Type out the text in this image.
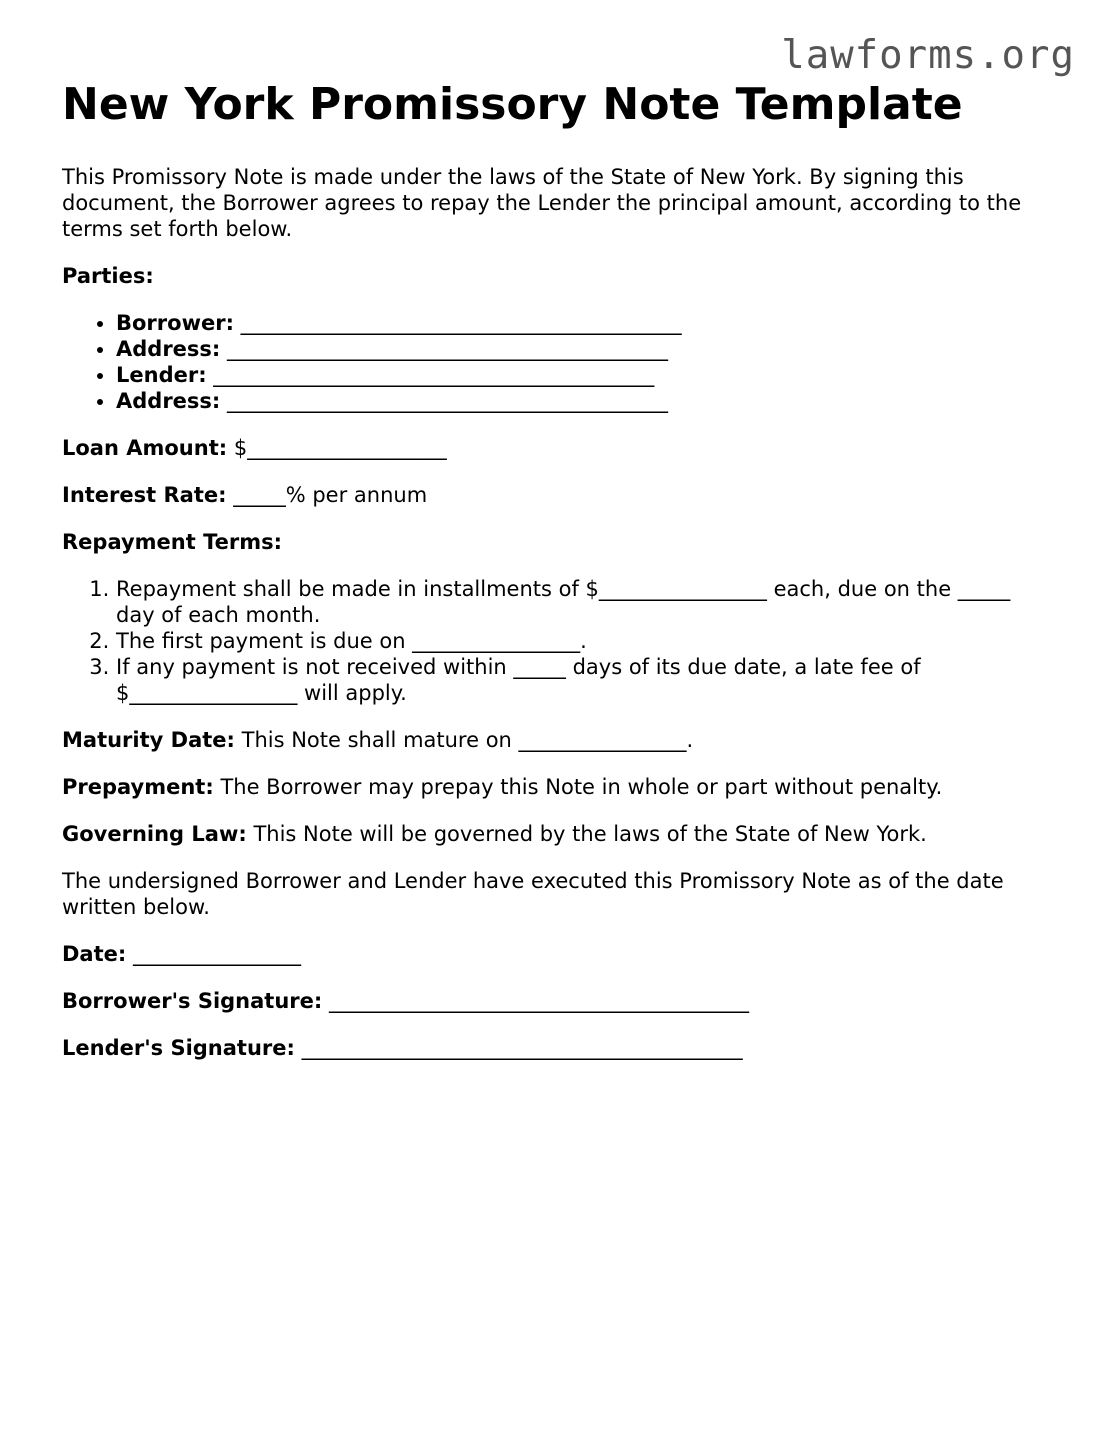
lawforms.org
New York Promissory Note Template

This Promissory Note is made under the laws of the State of New York. By signing this document, the Borrower agrees to repay the Lender the principal amount, according to the terms set forth below.

Parties:

• Borrower: __________________________________________
• Address: __________________________________________
• Lender: __________________________________________
• Address: __________________________________________

Loan Amount: $___________________

Interest Rate: _____% per annum

Repayment Terms:

1. Repayment shall be made in installments of $________________ each, due on the _____ day of each month.
2. The first payment is due on ________________.
3. If any payment is not received within _____ days of its due date, a late fee of $________________ will apply.

Maturity Date: This Note shall mature on ________________.

Prepayment: The Borrower may prepay this Note in whole or part without penalty.

Governing Law: This Note will be governed by the laws of the State of New York.

The undersigned Borrower and Lender have executed this Promissory Note as of the date written below.

Date: ________________

Borrower's Signature: ________________________________________

Lender's Signature: __________________________________________
